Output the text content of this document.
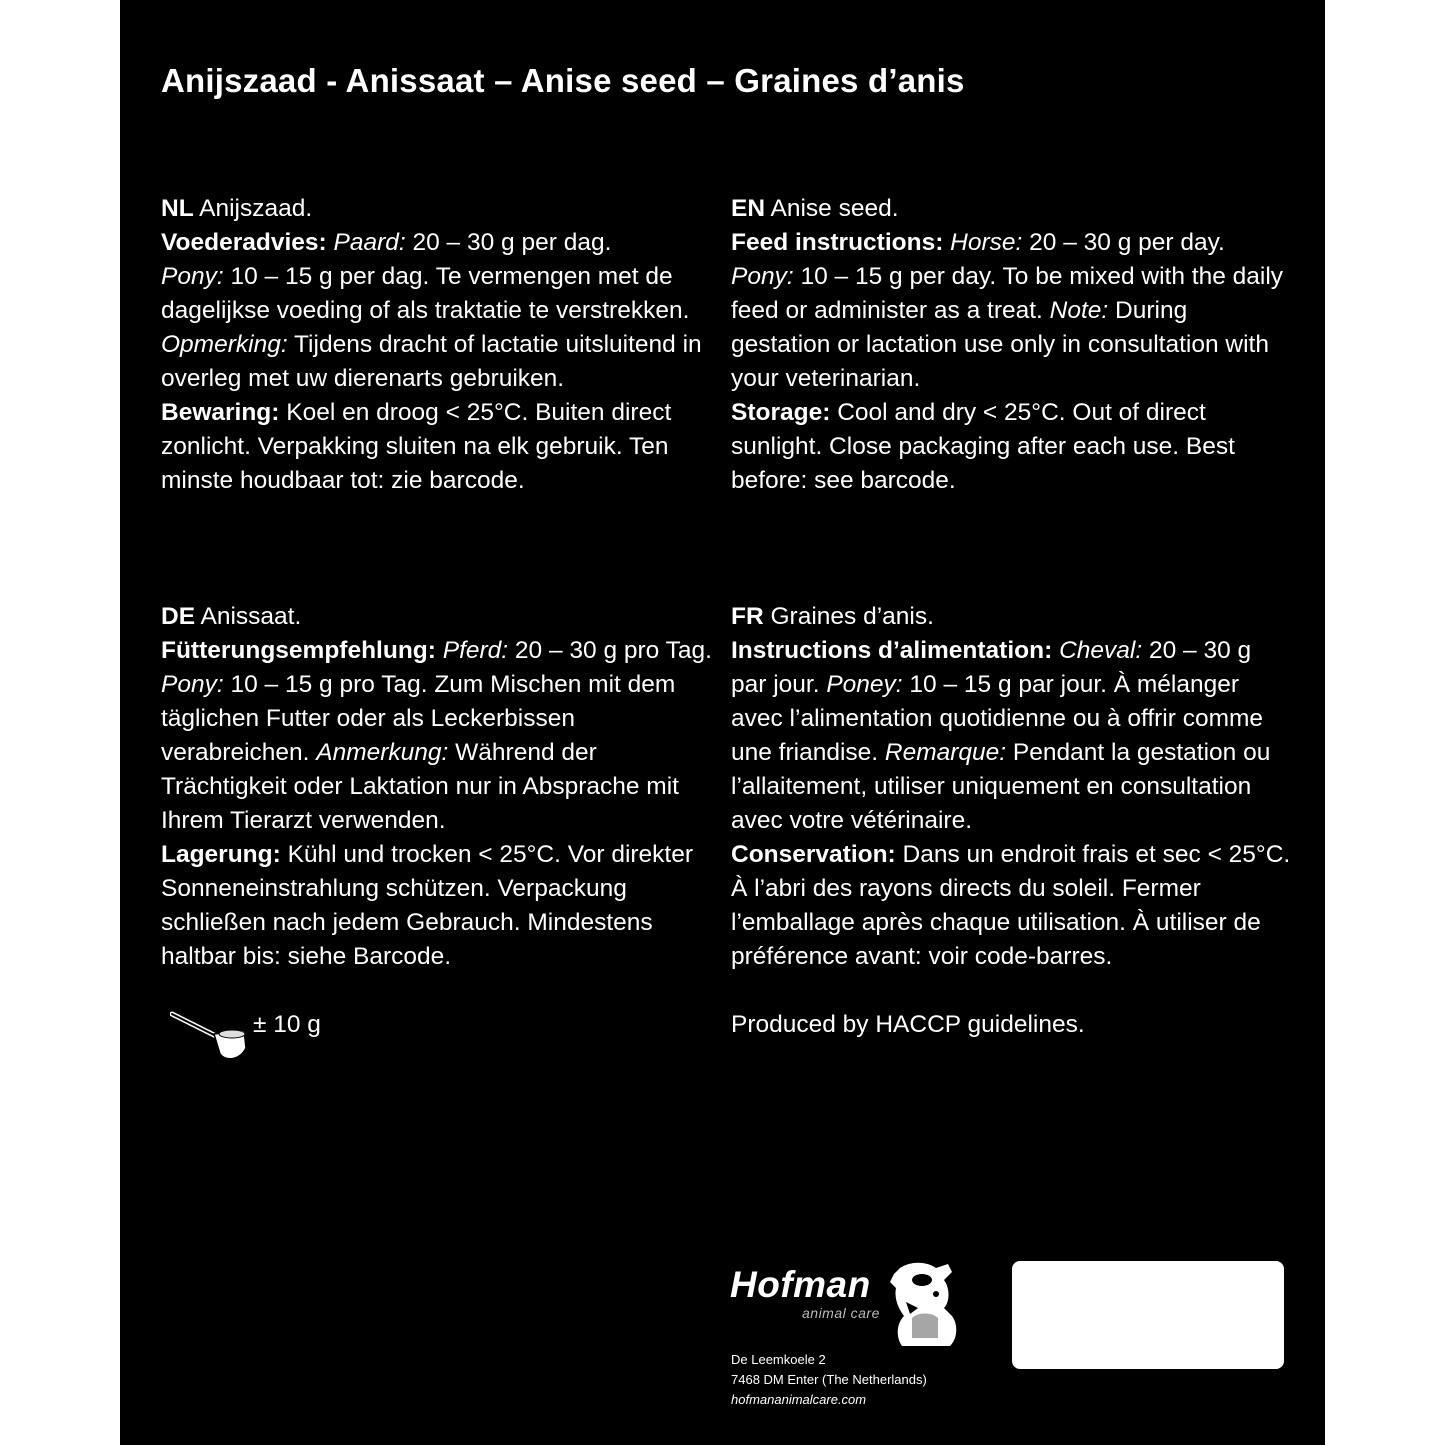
Anijszaad - Anissaat – Anise seed – Graines d’anis

NL Anijszaad.

Voederadvies: Paard: 20 – 30 g per dag.

Pony: 10 – 15 g per dag. Te vermengen met de dagelijkse voeding of als traktatie te verstrekken. Opmerking: Tijdens dracht of lactatie uitsluitend in overleg met uw dierenarts gebruiken.

Bewaring: Koel en droog < 25°C. Buiten direct zonlicht. Verpakking sluiten na elk gebruik. Ten minste houdbaar tot: zie barcode.

EN Anise seed.

Feed instructions: Horse: 20 – 30 g per day.

Pony: 10 – 15 g per day. To be mixed with the daily feed or administer as a treat. Note: During gestation or lactation use only in consultation with your veterinarian.

Storage: Cool and dry < 25°C. Out of direct sunlight. Close packaging after each use. Best before: see barcode.

DE Anissaat.

Fütterungsempfehlung: Pferd: 20 – 30 g pro Tag. Pony: 10 – 15 g pro Tag. Zum Mischen mit dem täglichen Futter oder als Leckerbissen verabreichen. Anmerkung: Während der Trächtigkeit oder Laktation nur in Absprache mit Ihrem Tierarzt verwenden.

Lagerung: Kühl und trocken < 25°C. Vor direkter Sonneneinstrahlung schützen. Verpackung schließen nach jedem Gebrauch. Mindestens haltbar bis: siehe Barcode.

FR Graines d’anis.

Instructions d’alimentation: Cheval: 20 – 30 g par jour. Poney: 10 – 15 g par jour. À mélanger avec l’alimentation quotidienne ou à offrir comme une friandise. Remarque: Pendant la gestation ou l’allaitement, utiliser uniquement en consultation avec votre vétérinaire.

Conservation: Dans un endroit frais et sec < 25°C. À l’abri des rayons directs du soleil. Fermer l’emballage après chaque utilisation. À utiliser de préférence avant: voir code-barres.

± 10 g	Produced by HACCP guidelines.
Hofman
animal care

De Leemkoele 2

7468 DM Enter (The Netherlands)

hofmananimalcare.com
